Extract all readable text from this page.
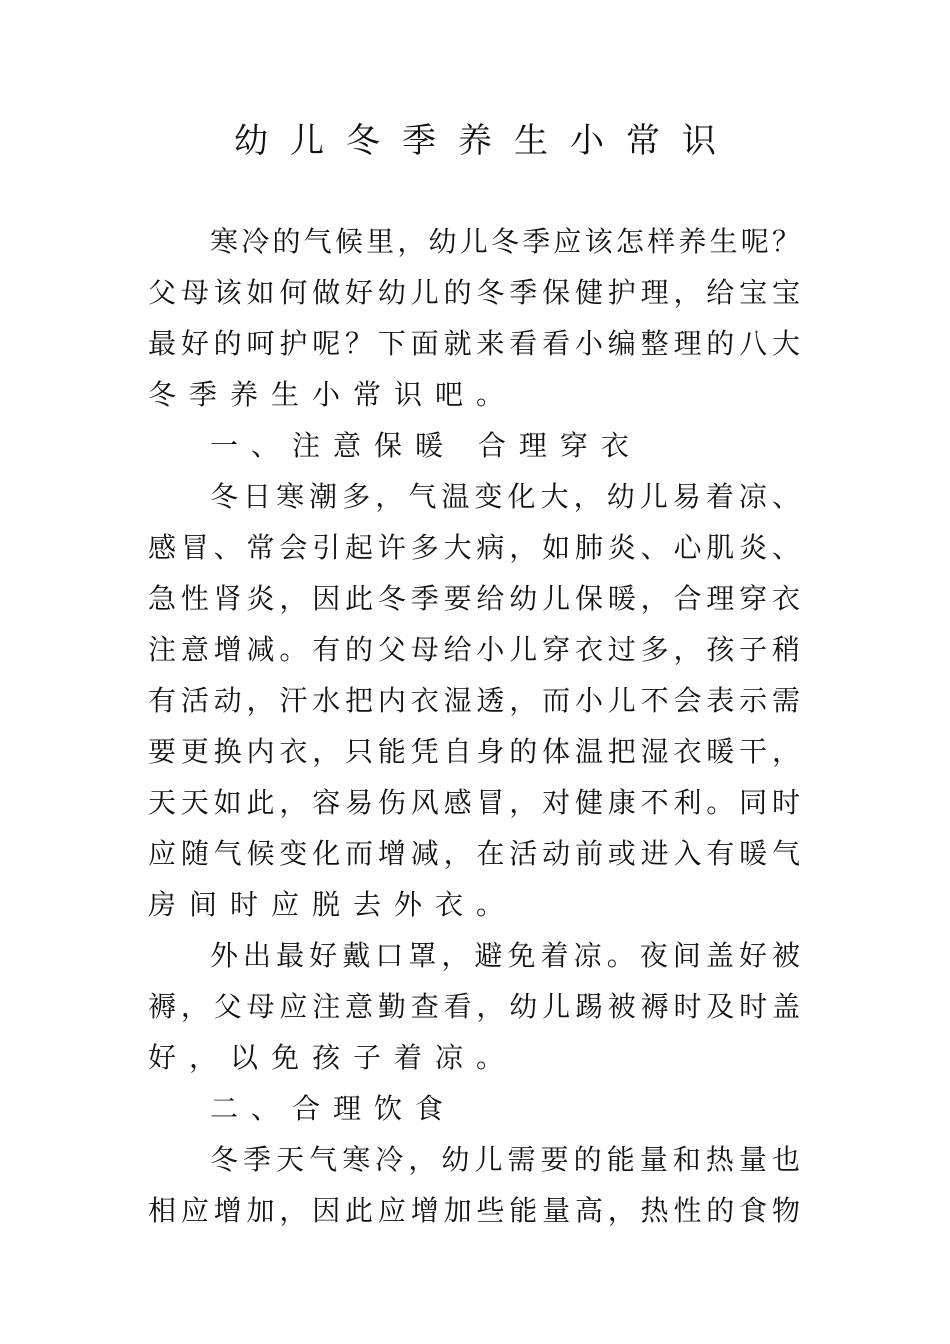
幼儿冬季养生小常识
寒冷的气候里，幼儿冬季应该怎样养生呢？
父母该如何做好幼儿的冬季保健护理，给宝宝
最好的呵护呢？下面就来看看小编整理的八大
冬季养生小常识吧。
一、注意保暖 合理穿衣
冬日寒潮多，气温变化大，幼儿易着凉、
感冒、常会引起许多大病，如肺炎、心肌炎、
急性肾炎，因此冬季要给幼儿保暖，合理穿衣
注意增减。有的父母给小儿穿衣过多，孩子稍
有活动，汗水把内衣湿透，而小儿不会表示需
要更换内衣，只能凭自身的体温把湿衣暖干，
天天如此，容易伤风感冒，对健康不利。同时
应随气候变化而增减，在活动前或进入有暖气
房间时应脱去外衣。
外出最好戴口罩，避免着凉。夜间盖好被
褥，父母应注意勤查看，幼儿踢被褥时及时盖
好，以免孩子着凉。
二、合理饮食
冬季天气寒冷，幼儿需要的能量和热量也
相应增加，因此应增加些能量高，热性的食物
